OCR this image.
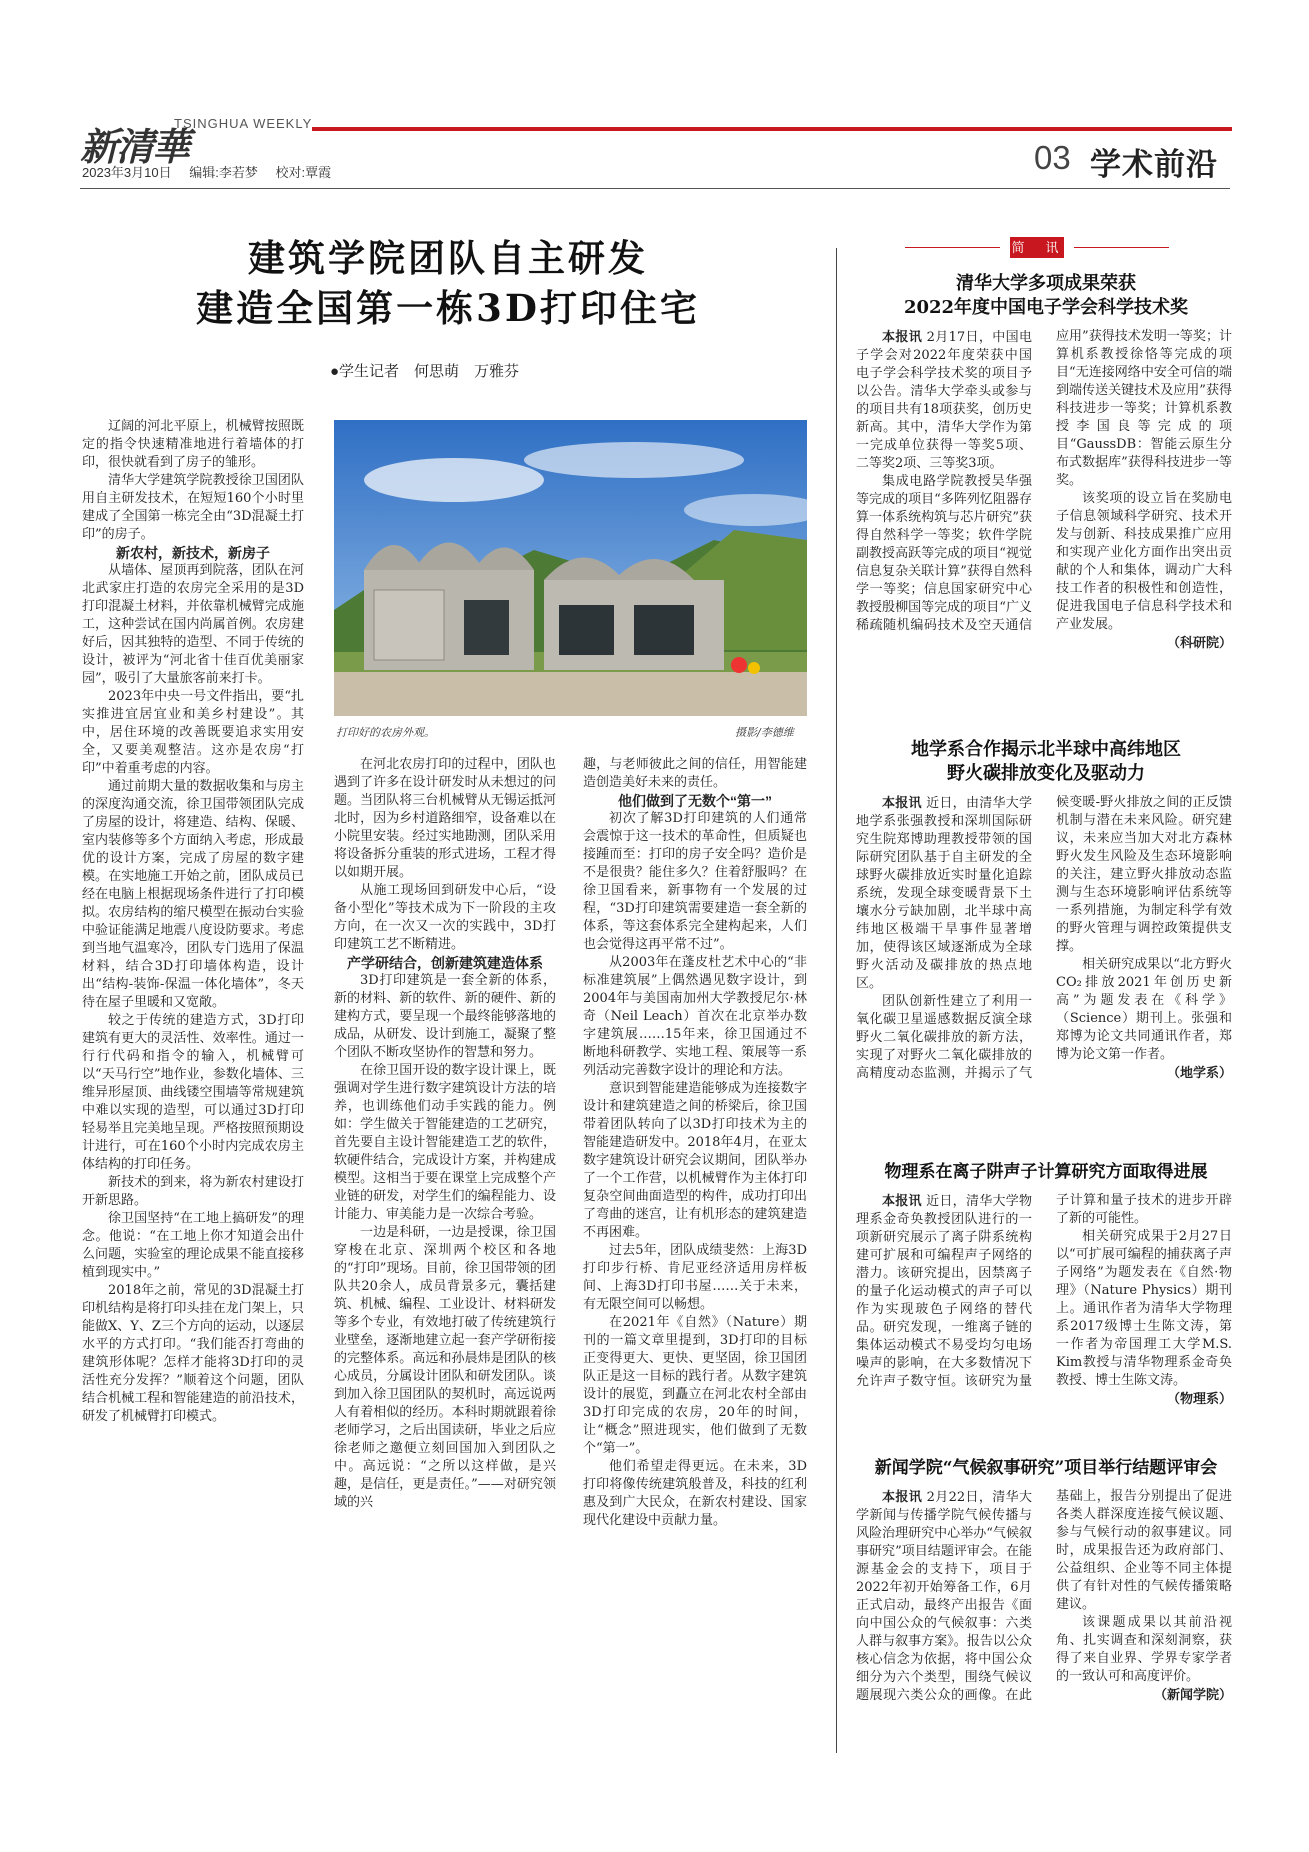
新清華
TSINGHUA WEEKLY
2023年3月10日 编辑:李若梦 校对:覃霞	03 学术前沿
建筑学院团队自主研发
建造全国第一栋3D打印住宅
●学生记者　何思萌　万雅芬
打印好的农房外观。	摄影/李德维

辽阔的河北平原上，机械臂按照既定的指令快速精准地进行着墙体的打印，很快就看到了房子的雏形。

清华大学建筑学院教授徐卫国团队用自主研发技术，在短短160个小时里建成了全国第一栋完全由“3D混凝土打印”的房子。

新农村，新技术，新房子

从墙体、屋顶再到院落，团队在河北武家庄打造的农房完全采用的是3D打印混凝土材料，并依靠机械臂完成施工，这种尝试在国内尚属首例。农房建好后，因其独特的造型、不同于传统的设计，被评为“河北省十佳百优美丽家园”，吸引了大量旅客前来打卡。

2023年中央一号文件指出，要“扎实推进宜居宜业和美乡村建设”。其中，居住环境的改善既要追求实用安全，又要美观整洁。这亦是农房“打印”中着重考虑的内容。

通过前期大量的数据收集和与房主的深度沟通交流，徐卫国带领团队完成了房屋的设计，将建造、结构、保暖、室内装修等多个方面纳入考虑，形成最优的设计方案，完成了房屋的数字建模。在实地施工开始之前，团队成员已经在电脑上根据现场条件进行了打印模拟。农房结构的缩尺模型在振动台实验中验证能满足地震八度设防要求。考虑到当地气温寒冷，团队专门选用了保温材料，结合3D打印墙体构造，设计出“结构-装饰-保温一体化墙体”，冬天待在屋子里暖和又宽敞。

较之于传统的建造方式，3D打印建筑有更大的灵活性、效率性。通过一行行代码和指令的输入，机械臂可以“天马行空”地作业，参数化墙体、三维异形屋顶、曲线镂空围墙等常规建筑中难以实现的造型，可以通过3D打印轻易举且完美地呈现。严格按照预期设计进行，可在160个小时内完成农房主体结构的打印任务。

新技术的到来，将为新农村建设打开新思路。

徐卫国坚持“在工地上搞研发”的理念。他说：“在工地上你才知道会出什么问题，实验室的理论成果不能直接移植到现实中。”

2018年之前，常见的3D混凝土打印机结构是将打印头挂在龙门架上，只能做X、Y、Z三个方向的运动，以逐层水平的方式打印。“我们能否打弯曲的建筑形体呢？怎样才能将3D打印的灵活性充分发挥？”顺着这个问题，团队结合机械工程和智能建造的前沿技术，研发了机械臂打印模式。

在河北农房打印的过程中，团队也遇到了许多在设计研发时从未想过的问题。当团队将三台机械臂从无锡运抵河北时，因为乡村道路细窄，设备难以在小院里安装。经过实地勘测，团队采用将设备拆分重装的形式进场，工程才得以如期开展。

从施工现场回到研发中心后，“设备小型化”等技术成为下一阶段的主攻方向，在一次又一次的实践中，3D打印建筑工艺不断精进。

产学研结合，创新建筑建造体系

3D打印建筑是一套全新的体系，新的材料、新的软件、新的硬件、新的建构方式，要呈现一个最终能够落地的成品，从研发、设计到施工，凝聚了整个团队不断攻坚协作的智慧和努力。

在徐卫国开设的数字设计课上，既强调对学生进行数字建筑设计方法的培养，也训练他们动手实践的能力。例如：学生做关于智能建造的工艺研究，首先要自主设计智能建造工艺的软件，软硬件结合，完成设计方案，并构建成模型。这相当于要在课堂上完成整个产业链的研发，对学生们的编程能力、设计能力、审美能力是一次综合考验。

一边是科研，一边是授课，徐卫国穿梭在北京、深圳两个校区和各地的“打印”现场。目前，徐卫国带领的团队共20余人，成员背景多元，囊括建筑、机械、编程、工业设计、材料研发等多个专业，有效地打破了传统建筑行业壁垒，逐渐地建立起一套产学研衔接的完整体系。高远和孙晨炜是团队的核心成员，分属设计团队和研发团队。谈到加入徐卫国团队的契机时，高远说两人有着相似的经历。本科时期就跟着徐老师学习，之后出国读研，毕业之后应徐老师之邀便立刻回国加入到团队之中。高远说：“之所以这样做，是兴趣，是信任，更是责任。”——对研究领域的兴

趣，与老师彼此之间的信任，用智能建造创造美好未来的责任。

他们做到了无数个“第一”

初次了解3D打印建筑的人们通常会震惊于这一技术的革命性，但质疑也接踵而至：打印的房子安全吗？造价是不是很贵？能住多久？住着舒服吗？在徐卫国看来，新事物有一个发展的过程，“3D打印建筑需要建造一套全新的体系，等这套体系完全建构起来，人们也会觉得这再平常不过”。

从2003年在蓬皮杜艺术中心的“非标准建筑展”上偶然遇见数字设计，到2004年与美国南加州大学教授尼尔·林奇（Neil Leach）首次在北京举办数字建筑展……15年来，徐卫国通过不断地科研教学、实地工程、策展等一系列活动完善数字设计的理论和方法。

意识到智能建造能够成为连接数字设计和建筑建造之间的桥梁后，徐卫国带着团队转向了以3D打印技术为主的智能建造研发中。2018年4月，在亚太数字建筑设计研究会议期间，团队举办了一个工作营，以机械臂作为主体打印复杂空间曲面造型的构件，成功打印出了弯曲的迷宫，让有机形态的建筑建造不再困难。

过去5年，团队成绩斐然：上海3D打印步行桥、肯尼亚经济适用房样板间、上海3D打印书屋……关于未来，有无限空间可以畅想。

在2021年《自然》（Nature）期刊的一篇文章里提到，3D打印的目标正变得更大、更快、更坚固，徐卫国团队正是这一目标的践行者。从数字建筑设计的展览，到矗立在河北农村全部由3D打印完成的农房，20年的时间，让“概念”照进现实，他们做到了无数个“第一”。

他们希望走得更远。在未来，3D打印将像传统建筑般普及，科技的红利惠及到广大民众，在新农村建设、国家现代化建设中贡献力量。

简　讯
清华大学多项成果荣获
2022年度中国电子学会科学技术奖

本报讯 2月17日，中国电子学会对2022年度荣获中国电子学会科学技术奖的项目予以公告。清华大学牵头或参与的项目共有18项获奖，创历史新高。其中，清华大学作为第一完成单位获得一等奖5项、二等奖2项、三等奖3项。

集成电路学院教授吴华强等完成的项目“多阵列忆阻器存算一体系统构筑与芯片研究”获得自然科学一等奖；软件学院副教授高跃等完成的项目“视觉信息复杂关联计算”获得自然科学一等奖；信息国家研究中心教授殷柳国等完成的项目“广义稀疏随机编码技术及空天通信应用”获得技术发明一等奖；计算机系教授徐恪等完成的项目“无连接网络中安全可信的端到端传送关键技术及应用”获得科技进步一等奖；计算机系教授李国良等完成的项目“GaussDB：智能云原生分布式数据库”获得科技进步一等奖。

该奖项的设立旨在奖励电子信息领域科学研究、技术开发与创新、科技成果推广应用和实现产业化方面作出突出贡献的个人和集体，调动广大科技工作者的积极性和创造性，促进我国电子信息科学技术和产业发展。

（科研院）
地学系合作揭示北半球中高纬地区
野火碳排放变化及驱动力

本报讯 近日，由清华大学地学系张强教授和深圳国际研究生院郑博助理教授带领的国际研究团队基于自主研发的全球野火碳排放近实时量化追踪系统，发现全球变暖背景下土壤水分亏缺加剧，北半球中高纬地区极端干旱事件显著增加，使得该区域逐渐成为全球野火活动及碳排放的热点地区。

团队创新性建立了利用一氧化碳卫星遥感数据反演全球野火二氧化碳排放的新方法，实现了对野火二氧化碳排放的高精度动态监测，并揭示了气候变暖-野火排放之间的正反馈机制与潜在未来风险。研究建议，未来应当加大对北方森林野火发生风险及生态环境影响的关注，建立野火排放动态监测与生态环境影响评估系统等一系列措施，为制定科学有效的野火管理与调控政策提供支撑。

相关研究成果以“北方野火CO₂排放2021年创历史新高”为题发表在《科学》（Science）期刊上。张强和郑博为论文共同通讯作者，郑博为论文第一作者。

（地学系）
物理系在离子阱声子计算研究方面取得进展

本报讯 近日，清华大学物理系金奇奂教授团队进行的一项新研究展示了离子阱系统构建可扩展和可编程声子网络的潜力。该研究提出，因禁离子的量子化运动模式的声子可以作为实现玻色子网络的替代品。研究发现，一维离子链的集体运动模式不易受均匀电场噪声的影响，在大多数情况下允许声子数守恒。该研究为量子计算和量子技术的进步开辟了新的可能性。

相关研究成果于2月27日以“可扩展可编程的捕获离子声子网络”为题发表在《自然·物理》（Nature Physics）期刊上。通讯作者为清华大学物理系2017级博士生陈文涛，第一作者为帝国理工大学M.S. Kim教授与清华物理系金奇奂教授、博士生陈文涛。

（物理系）
新闻学院“气候叙事研究”项目举行结题评审会

本报讯 2月22日，清华大学新闻与传播学院气候传播与风险治理研究中心举办“气候叙事研究”项目结题评审会。在能源基金会的支持下，项目于2022年初开始筹备工作，6月正式启动，最终产出报告《面向中国公众的气候叙事：六类人群与叙事方案》。报告以公众核心信念为依据，将中国公众细分为六个类型，围绕气候议题展现六类公众的画像。在此基础上，报告分别提出了促进各类人群深度连接气候议题、参与气候行动的叙事建议。同时，成果报告还为政府部门、公益组织、企业等不同主体提供了有针对性的气候传播策略建议。

该课题成果以其前沿视角、扎实调查和深刻洞察，获得了来自业界、学界专家学者的一致认可和高度评价。

（新闻学院）
